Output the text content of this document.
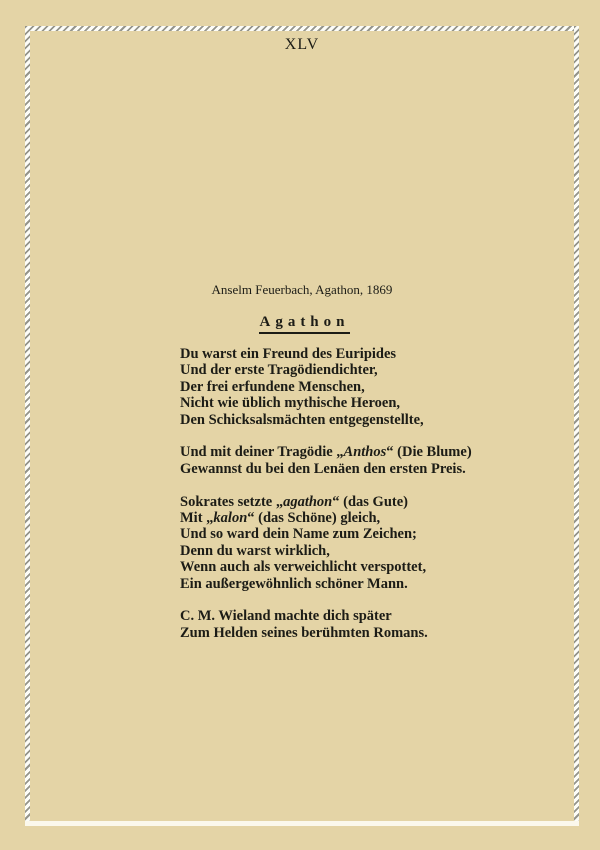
XLV
Anselm Feuerbach, Agathon, 1869
Agathon
Du warst ein Freund des Euripides
Und der erste Tragödiendichter,
Der frei erfundene Menschen,
Nicht wie üblich mythische Heroen,
Den Schicksalsmächten entgegenstellte,
Und mit deiner Tragödie „Anthos“ (Die Blume)
Gewannst du bei den Lenäen den ersten Preis.
Sokrates setzte „agathon“ (das Gute)
Mit „kalon“ (das Schöne) gleich,
Und so ward dein Name zum Zeichen;
Denn du warst wirklich,
Wenn auch als verweichlicht verspottet,
Ein außergewöhnlich schöner Mann.
C. M. Wieland machte dich später
Zum Helden seines berühmten Romans.
